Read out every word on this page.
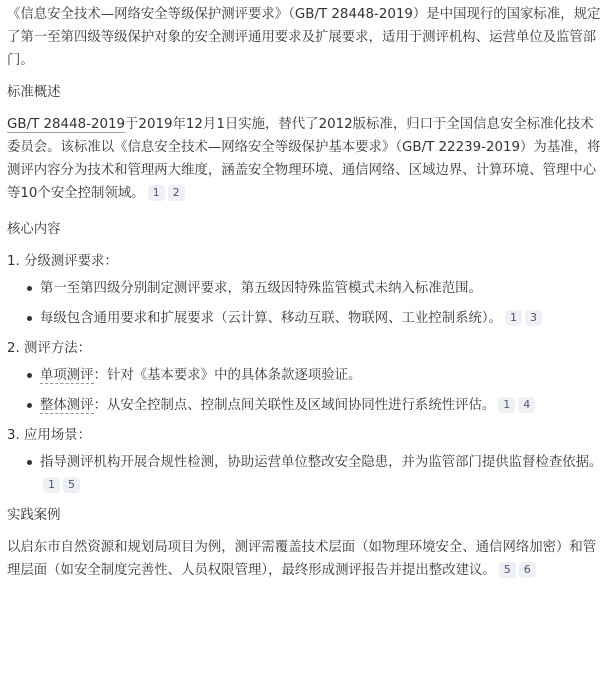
《信息安全技术—网络安全等级保护测评要求》（GB/T 28448-2019）是中国现行的国家标准，规定了第一至第四级等级保护对象的安全测评通用要求及扩展要求，适用于测评机构、运营单位及监管部门。

标准概述

GB/T 28448-2019于2019年12月1日实施，替代了2012版标准，归口于全国信息安全标准化技术委员会。该标准以《信息安全技术—网络安全等级保护基本要求》（GB/T 22239-2019）为基准，将测评内容分为技术和管理两大维度，涵盖安全物理环境、通信网络、区域边界、计算环境、管理中心等10个安全控制领域。 1 2

核心内容

1. 分级测评要求：

第一至第四级分别制定测评要求，第五级因特殊监管模式未纳入标准范围。
每级包含通用要求和扩展要求（云计算、移动互联、物联网、工业控制系统）。 1 3

2. 测评方法：

单项测评：针对《基本要求》中的具体条款逐项验证。
整体测评：从安全控制点、控制点间关联性及区域间协同性进行系统性评估。 1 4

3. 应用场景：

指导测评机构开展合规性检测，协助运营单位整改安全隐患，并为监管部门提供监督检查依据。1 5

实践案例

以启东市自然资源和规划局项目为例，测评需覆盖技术层面（如物理环境安全、通信网络加密）和管理层面（如安全制度完善性、人员权限管理），最终形成测评报告并提出整改建议。 5 6
